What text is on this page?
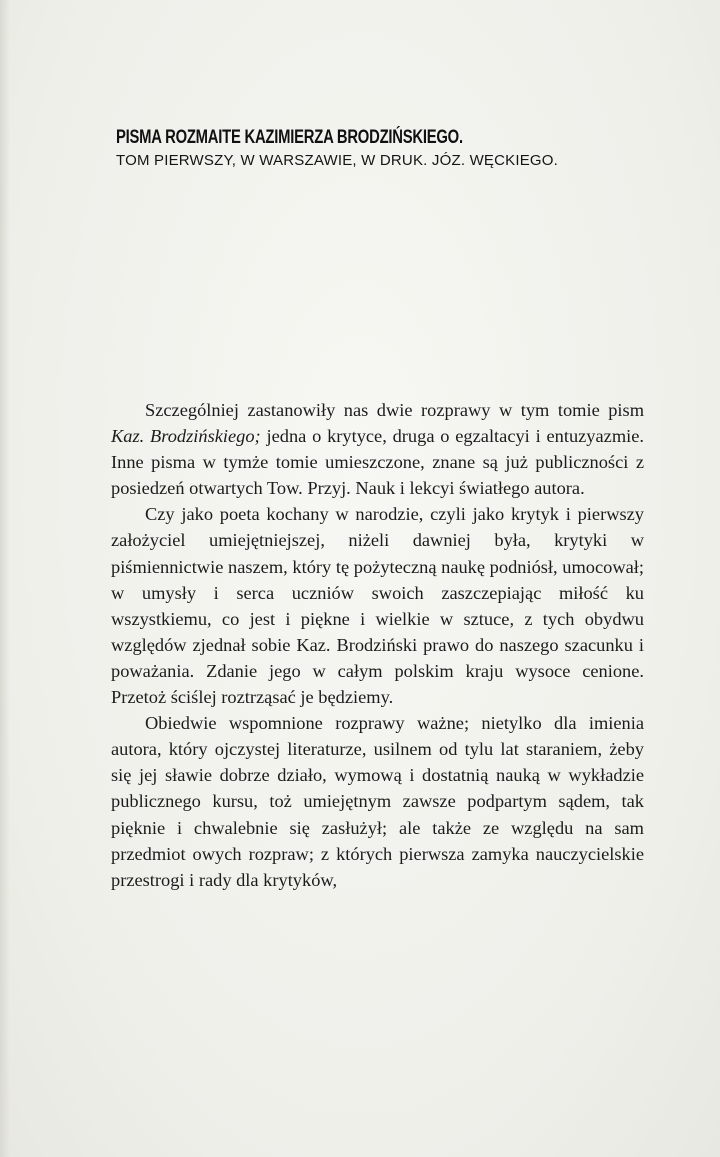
PISMA ROZMAITE KAZIMIERZA BRODZIŃSKIEGO.
TOM PIERWSZY, W WARSZAWIE, W DRUK. JÓZ. WĘCKIEGO.

Szczególniej zastanowiły nas dwie rozprawy w tym tomie pism Kaz. Brodzińskiego; jedna o krytyce, druga o egzaltacyi i entuzyazmie. Inne pisma w tymże tomie umieszczone, znane są już publiczności z posiedzeń otwartych Tow. Przyj. Nauk i lekcyi światłego autora.

Czy jako poeta kochany w narodzie, czyli jako krytyk i pierwszy założyciel umiejętniejszej, niżeli dawniej była, krytyki w piśmiennictwie naszem, który tę pożyteczną naukę podniósł, umocował; w umysły i serca uczniów swoich zaszczepiając miłość ku wszystkiemu, co jest i piękne i wielkie w sztuce, z tych obydwu względów zjednał sobie Kaz. Brodziński prawo do naszego szacunku i poważania. Zdanie jego w całym polskim kraju wysoce cenione. Przetoż ściślej roztrząsać je będziemy.

Obiedwie wspomnione rozprawy ważne; nietylko dla imienia autora, który ojczystej literaturze, usilnem od tylu lat staraniem, żeby się jej sławie dobrze działo, wymową i dostatnią nauką w wykładzie publicznego kursu, toż umiejętnym zawsze podpartym sądem, tak pięknie i chwalebnie się zasłużył; ale także ze względu na sam przedmiot owych rozpraw; z których pierwsza zamyka nauczycielskie przestrogi i rady dla krytyków,
